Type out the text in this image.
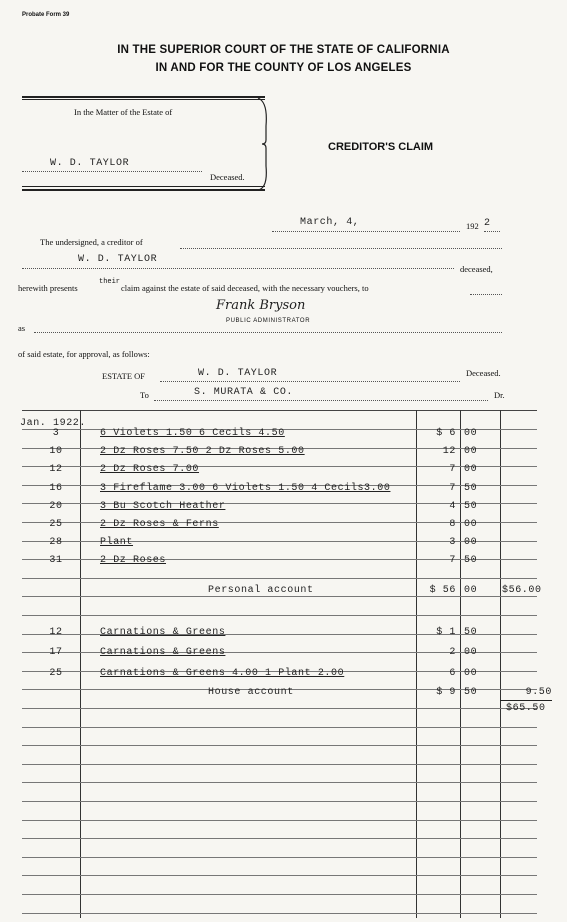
Probate Form 39
IN THE SUPERIOR COURT OF THE STATE OF CALIFORNIA
IN AND FOR THE COUNTY OF LOS ANGELES
In the Matter of the Estate of
W. D. TAYLOR
Deceased.
CREDITOR'S CLAIM
March, 4,	192 2
The undersigned, a creditor of
W. D. TAYLOR
deceased,
herewith presents
their
claim against the estate of said deceased, with the necessary vouchers, to
Frank Bryson
as
PUBLIC ADMINISTRATOR
of said estate, for approval, as follows:
ESTATE OF	W. D. TAYLOR	Deceased.
To	S. MURATA & CO.	Dr.
Jan. 1922.
3	6 Violets 1.50 6 Cecils 4.50	$ 6 00
10	2 Dz Roses 7.50 2 Dz Roses 5.00	12 00
12	2 Dz Roses 7.00	7 00
16	3 Fireflame 3.00 6 Violets 1.50 4 Cecils3.00	7 50
20	3 Bu Scotch Heather	4 50
25	2 Dz Roses & Ferns	8 00
28	Plant	3 00
31	2 Dz Roses	7 50
12	Carnations & Greens	$ 1 50
17	Carnations & Greens	2 00
25	Carnations & Greens 4.00 1 Plant 2.00	6 00
Personal account	$ 56 00 $56.00
House account	$ 9 50	9.50
$65.50
